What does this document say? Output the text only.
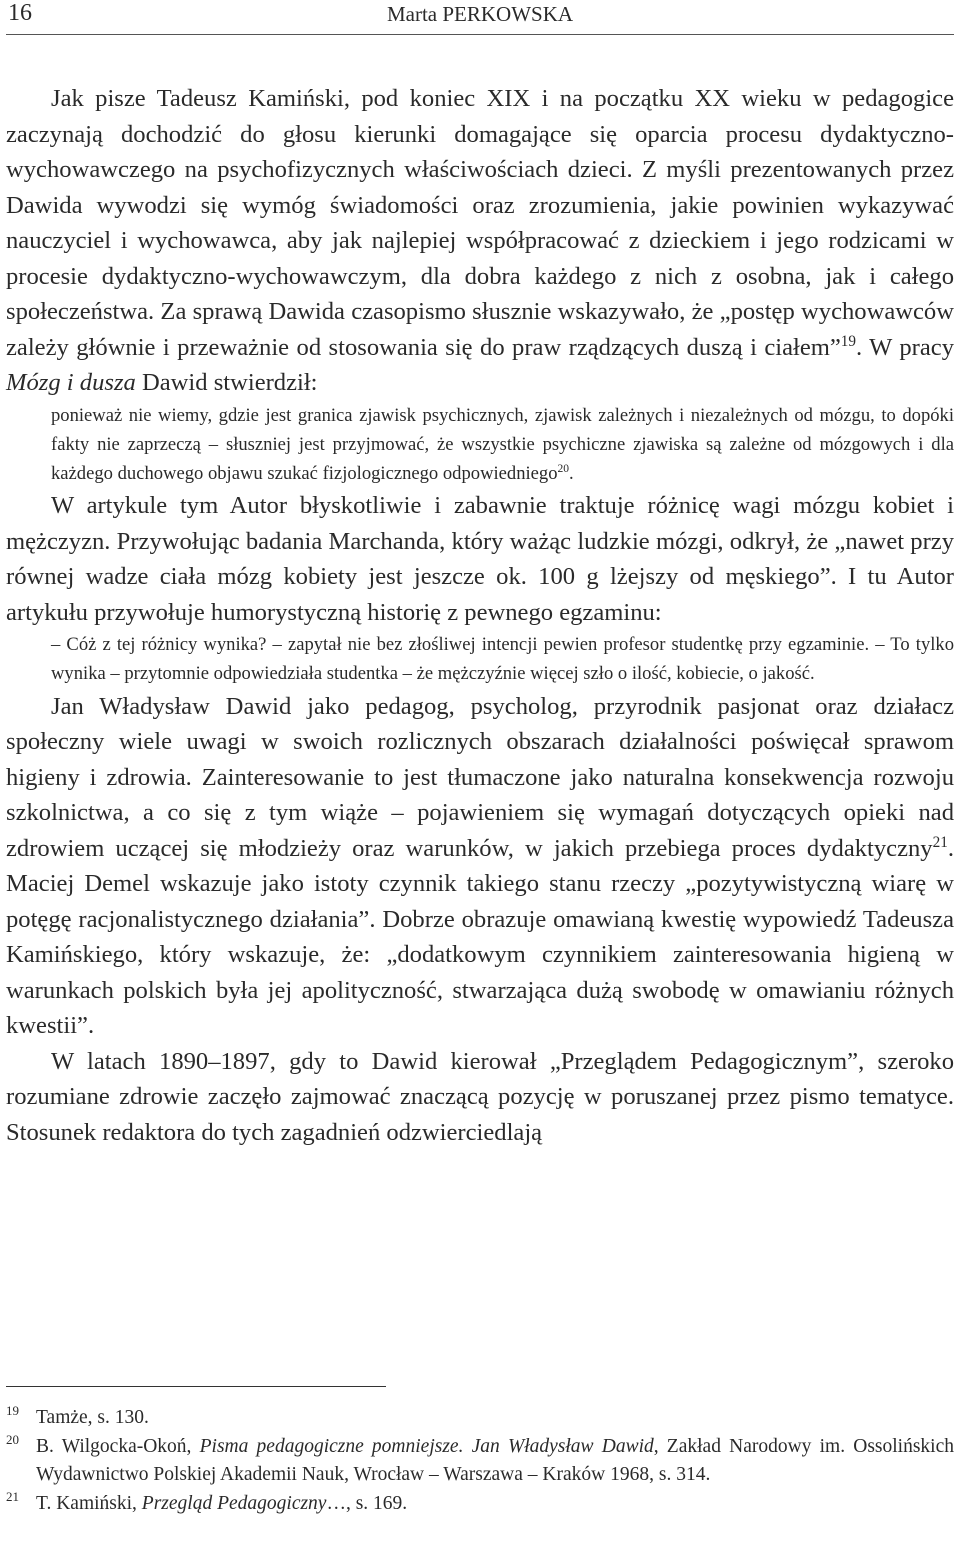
16	Marta PERKOWSKA

Jak pisze Tadeusz Kamiński, pod koniec XIX i na początku XX wieku w pedagogice zaczynają dochodzić do głosu kierunki domagające się oparcia procesu dydaktyczno-wychowawczego na psychofizycznych właściwościach dzieci. Z myśli prezentowanych przez Dawida wywodzi się wymóg świadomości oraz zrozumienia, jakie powinien wykazywać nauczyciel i wychowawca, aby jak najlepiej współpracować z dzieckiem i jego rodzicami w procesie dydaktyczno-wychowawczym, dla dobra każdego z nich z osobna, jak i całego społeczeństwa. Za sprawą Dawida czasopismo słusznie wskazywało, że „postęp wychowawców zależy głównie i przeważnie od stosowania się do praw rządzących duszą i ciałem”$^{19}$. W pracy Mózg i dusza Dawid stwierdził:

ponieważ nie wiemy, gdzie jest granica zjawisk psychicznych, zjawisk zależnych i niezależnych od mózgu, to dopóki fakty nie zaprzeczą – słuszniej jest przyjmować, że wszystkie psychiczne zjawiska są zależne od mózgowych i dla każdego duchowego objawu szukać fizjologicznego odpowiedniego$^{20}$.

W artykule tym Autor błyskotliwie i zabawnie traktuje różnicę wagi mózgu kobiet i mężczyzn. Przywołując badania Marchanda, który ważąc ludzkie mózgi, odkrył, że „nawet przy równej wadze ciała mózg kobiety jest jeszcze ok. 100 g lżejszy od męskiego”. I tu Autor artykułu przywołuje humorystyczną historię z pewnego egzaminu:

– Cóż z tej różnicy wynika? – zapytał nie bez złośliwej intencji pewien profesor studentkę przy egzaminie. – To tylko wynika – przytomnie odpowiedziała studentka – że mężczyźnie więcej szło o ilość, kobiecie, o jakość.

Jan Władysław Dawid jako pedagog, psycholog, przyrodnik pasjonat oraz działacz społeczny wiele uwagi w swoich rozlicznych obszarach działalności poświęcał sprawom higieny i zdrowia. Zainteresowanie to jest tłumaczone jako naturalna konsekwencja rozwoju szkolnictwa, a co się z tym wiąże – pojawieniem się wymagań dotyczących opieki nad zdrowiem uczącej się młodzieży oraz warunków, w jakich przebiega proces dydaktyczny$^{21}$. Maciej Demel wskazuje jako istoty czynnik takiego stanu rzeczy „pozytywistyczną wiarę w potęgę racjonalistycznego działania”. Dobrze obrazuje omawianą kwestię wypowiedź Tadeusza Kamińskiego, który wskazuje, że: „dodatkowym czynnikiem zainteresowania higieną w warunkach polskich była jej apolityczność, stwarzająca dużą swobodę w omawianiu różnych kwestii”.

W latach 1890–1897, gdy to Dawid kierował „Przeglądem Pedagogicznym”, szeroko rozumiane zdrowie zaczęło zajmować znaczącą pozycję w poruszanej przez pismo tematyce. Stosunek redaktora do tych zagadnień odzwierciedlają

19 Tamże, s. 130.
20 B. Wilgocka-Okoń, Pisma pedagogiczne pomniejsze. Jan Władysław Dawid, Zakład Narodowy im. Ossolińskich Wydawnictwo Polskiej Akademii Nauk, Wrocław – Warszawa – Kraków 1968, s. 314.
21 T. Kamiński, Przegląd Pedagogiczny…, s. 169.
